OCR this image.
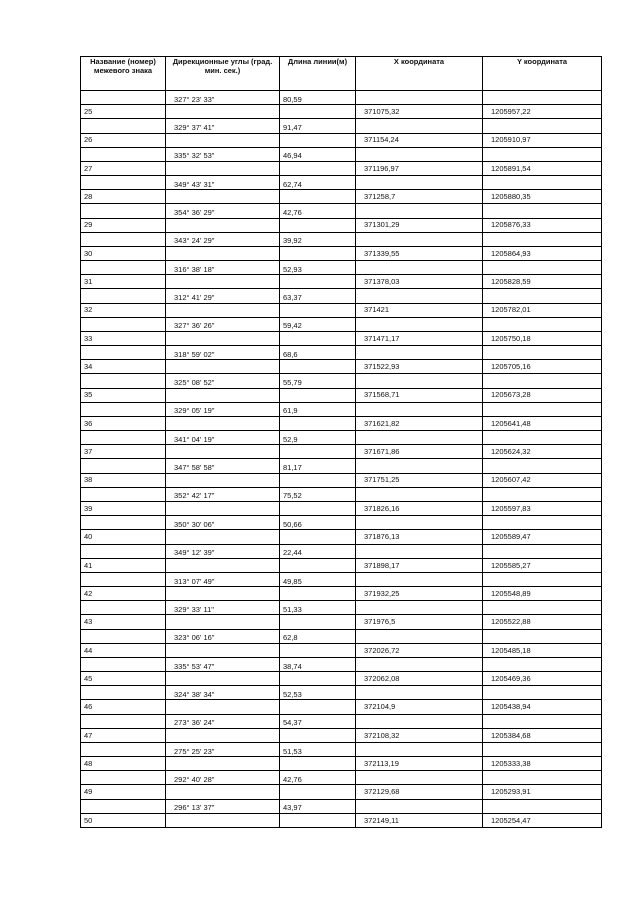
Название (номер) межевого знака	Дирекционные углы (град. мин. сек.)	Длина линии(м)	X координата	Y координата
	327° 23' 33"	80,59		
25			371075,32	1205957,22
	329° 37' 41"	91,47		
26			371154,24	1205910,97
	335° 32' 53"	46,94		
27			371196,97	1205891,54
	349° 43' 31"	62,74		
28			371258,7	1205880,35
	354° 36' 29"	42,76		
29			371301,29	1205876,33
	343° 24' 29"	39,92		
30			371339,55	1205864,93
	316° 38' 18"	52,93		
31			371378,03	1205828,59
	312° 41' 29"	63,37		
32			371421	1205782,01
	327° 36' 26"	59,42		
33			371471,17	1205750,18
	318° 59' 02"	68,6		
34			371522,93	1205705,16
	325° 08' 52"	55,79		
35			371568,71	1205673,28
	329° 05' 19"	61,9		
36			371621,82	1205641,48
	341° 04' 19"	52,9		
37			371671,86	1205624,32
	347° 58' 58"	81,17		
38			371751,25	1205607,42
	352° 42' 17"	75,52		
39			371826,16	1205597,83
	350° 30' 06"	50,66		
40			371876,13	1205589,47
	349° 12' 39"	22,44		
41			371898,17	1205585,27
	313° 07' 49"	49,85		
42			371932,25	1205548,89
	329° 33' 11"	51,33		
43			371976,5	1205522,88
	323° 06' 16"	62,8		
44			372026,72	1205485,18
	335° 53' 47"	38,74		
45			372062,08	1205469,36
	324° 38' 34"	52,53		
46			372104,9	1205438,94
	273° 36' 24"	54,37		
47			372108,32	1205384,68
	275° 25' 23"	51,53		
48			372113,19	1205333,38
	292° 40' 28"	42,76		
49			372129,68	1205293,91
	296° 13' 37"	43,97		
50			372149,11	1205254,47
